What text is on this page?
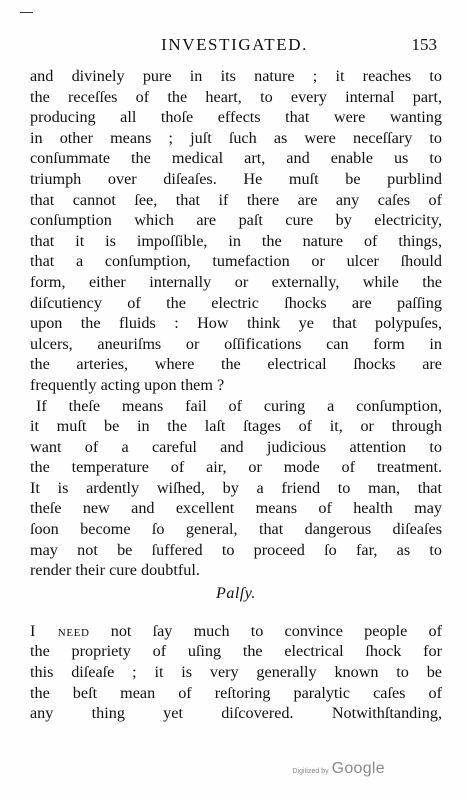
INVESTIGATED.	153
and divinely pure in its nature ; it reaches to
the receſſes of the heart, to every internal part,
producing all thoſe effects that were wanting
in other means ; juſt ſuch as were neceſſary to
conſummate the medical art, and enable us to
triumph over diſeaſes. He muſt be purblind
that cannot ſee, that if there are any caſes of
conſumption which are paſt cure by electricity,
that it is impoſſible, in the nature of things,
that a conſumption, tumefaction or ulcer ſhould
form, either internally or externally, while the
diſcutiency of the electric ſhocks are paſſing
upon the fluids : How think ye that polypuſes,
ulcers, aneuriſms or oſſifications can form in
the arteries, where the electrical ſhocks are
frequently acting upon them ?
If theſe means fail of curing a conſumption,
it muſt be in the laſt ſtages of it, or through
want of a careful and judicious attention to
the temperature of air, or mode of treatment.
It is ardently wiſhed, by a friend to man, that
theſe new and excellent means of health may
ſoon become ſo general, that dangerous diſeaſes
may not be ſuffered to proceed ſo far, as to
render their cure doubtful.
Palſy.
I need not ſay much to convince people of
the propriety of uſing the electrical ſhock for
this diſeaſe ; it is very generally known to be
the beſt mean of reſtoring paralytic caſes of
any thing yet diſcovered. Notwithſtanding,
Digitized by Google
